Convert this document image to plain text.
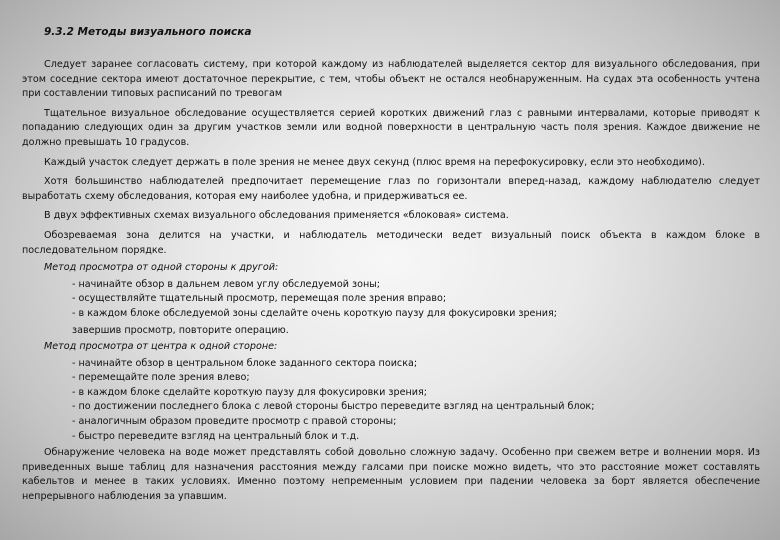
9.3.2 Методы визуального поиска

Следует заранее согласовать систему, при которой каждому из наблюдателей выделяется сектор для визуального обследования, при этом соседние сектора имеют достаточное перекрытие, с тем, чтобы объект не остался необнаруженным. На судах эта особенность учтена при составлении типовых расписаний по тревогам

Тщательное визуальное обследование осуществляется серией коротких движений глаз с равными интервалами, которые приводят к попаданию следующих один за другим участков земли или водной поверхности в центральную часть поля зрения. Каждое движение не должно превышать 10 градусов.

Каждый участок следует держать в поле зрения не менее двух секунд (плюс время на перефокусировку, если это необходимо).

Хотя большинство наблюдателей предпочитает перемещение глаз по горизонтали вперед-назад, каждому наблюдателю следует выработать схему обследования, которая ему наиболее удобна, и придерживаться ее.

В двух эффективных схемах визуального обследования применяется «блоковая» система.

Обозреваемая зона делится на участки, и наблюдатель методически ведет визуальный поиск объекта в каждом блоке в последовательном порядке.

Метод просмотра от одной стороны к другой:
- начинайте обзор в дальнем левом углу обследуемой зоны;
- осуществляйте тщательный просмотр, перемещая поле зрения вправо;
- в каждом блоке обследуемой зоны сделайте очень короткую паузу для фокусировки зрения;
завершив просмотр, повторите операцию.
Метод просмотра от центра к одной стороне:
- начинайте обзор в центральном блоке заданного сектора поиска;
- перемещайте поле зрения влево;
- в каждом блоке сделайте короткую паузу для фокусировки зрения;
- по достижении последнего блока с левой стороны быстро переведите взгляд на центральный блок;
- аналогичным образом проведите просмотр с правой стороны;
- быстро переведите взгляд на центральный блок и т.д.

Обнаружение человека на воде может представлять собой довольно сложную задачу. Особенно при свежем ветре и волнении моря. Из приведенных выше таблиц для назначения расстояния между галсами при поиске можно видеть, что это расстояние может составлять кабельтов и менее в таких условиях. Именно поэтому непременным условием при падении человека за борт является обеспечение непрерывного наблюдения за упавшим.
